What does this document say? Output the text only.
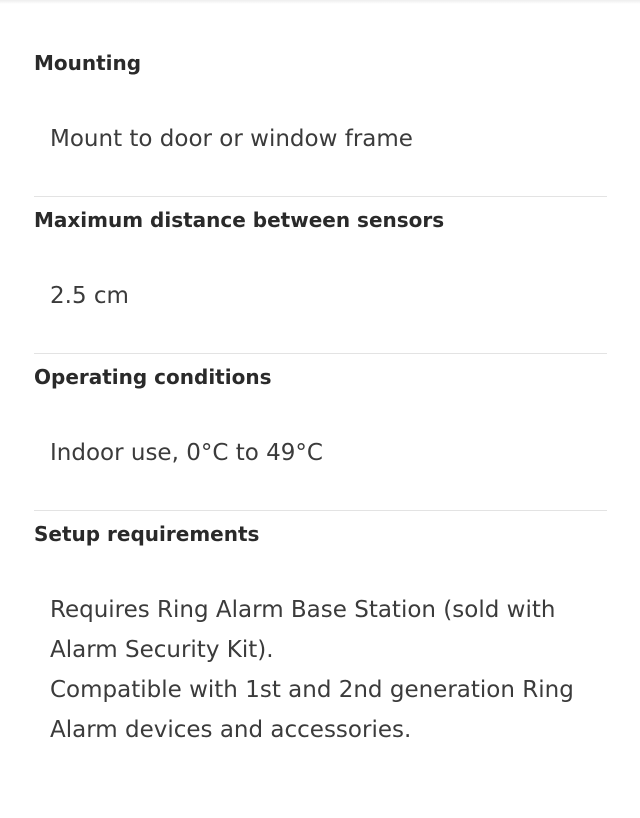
Mounting

Mount to door or window frame

Maximum distance between sensors

2.5 cm

Operating conditions

Indoor use, 0°C to 49°C

Setup requirements

Requires Ring Alarm Base Station (sold with
Alarm Security Kit).
Compatible with 1st and 2nd generation Ring
Alarm devices and accessories.
